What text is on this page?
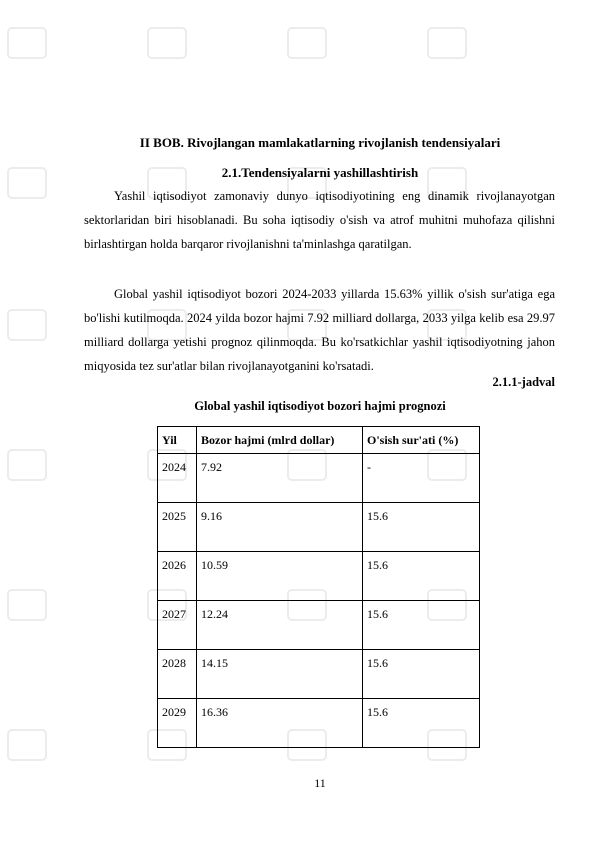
II BOB. Rivojlangan mamlakatlarning rivojlanish tendensiyalari
2.1.Tendensiyalarni yashillashtirish

Yashil iqtisodiyot zamonaviy dunyo iqtisodiyotining eng dinamik rivojlanayotgan sektorlaridan biri hisoblanadi. Bu soha iqtisodiy o'sish va atrof muhitni muhofaza qilishni birlashtirgan holda barqaror rivojlanishni ta'minlashga qaratilgan.

Global yashil iqtisodiyot bozori 2024-2033 yillarda 15.63% yillik o'sish sur'atiga ega bo'lishi kutilmoqda. 2024 yilda bozor hajmi 7.92 milliard dollarga, 2033 yilga kelib esa 29.97 milliard dollarga yetishi prognoz qilinmoqda. Bu ko'rsatkichlar yashil iqtisodiyotning jahon miqyosida tez sur'atlar bilan rivojlanayotganini ko'rsatadi.

2.1.1-jadval
Global yashil iqtisodiyot bozori hajmi prognozi
Yil	Bozor hajmi (mlrd dollar)	O'sish sur'ati (%)
2024	7.92	-
2025	9.16	15.6
2026	10.59	15.6
2027	12.24	15.6
2028	14.15	15.6
2029	16.36	15.6
11
